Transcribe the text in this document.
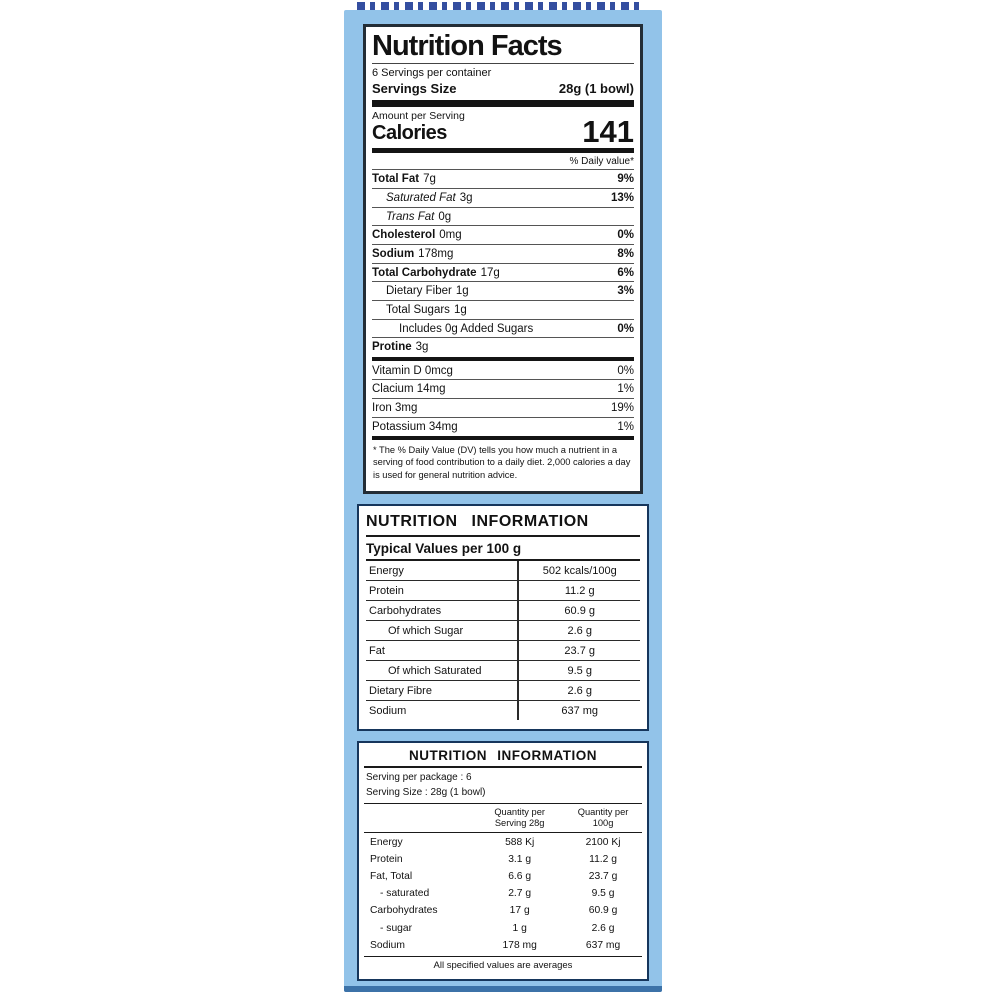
Nutrition Facts
6 Servings per container
Servings Size	28g (1 bowl)
Amount per Serving
Calories	141
% Daily value*
Total Fat 7g	9%
Saturated Fat 3g	13%
Trans Fat 0g
Cholesterol 0mg	0%
Sodium 178mg	8%
Total Carbohydrate 17g	6%
Dietary Fiber 1g	3%
Total Sugars 1g
Includes 0g Added Sugars	0%
Protine 3g
Vitamin D 0mcg	0%
Clacium 14mg	1%
Iron 3mg	19%
Potassium 34mg	1%
* The % Daily Value (DV) tells you how much a nutrient in a serving of food contribution to a daily diet. 2,000 calories a day is used for general nutrition advice.
NUTRITION INFORMATION
Typical Values per 100 g
Energy	502 kcals/100g
Protein	11.2 g
Carbohydrates	60.9 g
Of which Sugar	2.6 g
Fat	23.7 g
Of which Saturated	9.5 g
Dietary Fibre	2.6 g
Sodium	637 mg
NUTRITION INFORMATION
Serving per package : 6
Serving Size : 28g (1 bowl)
Quantity per
Serving 28g
Quantity per
100g
Energy	588 Kj	2100 Kj
Protein	3.1 g	11.2 g
Fat, Total	6.6 g	23.7 g
- saturated	2.7 g	9.5 g
Carbohydrates	17 g	60.9 g
- sugar	1 g	2.6 g
Sodium	178 mg	637 mg
All specified values are averages
